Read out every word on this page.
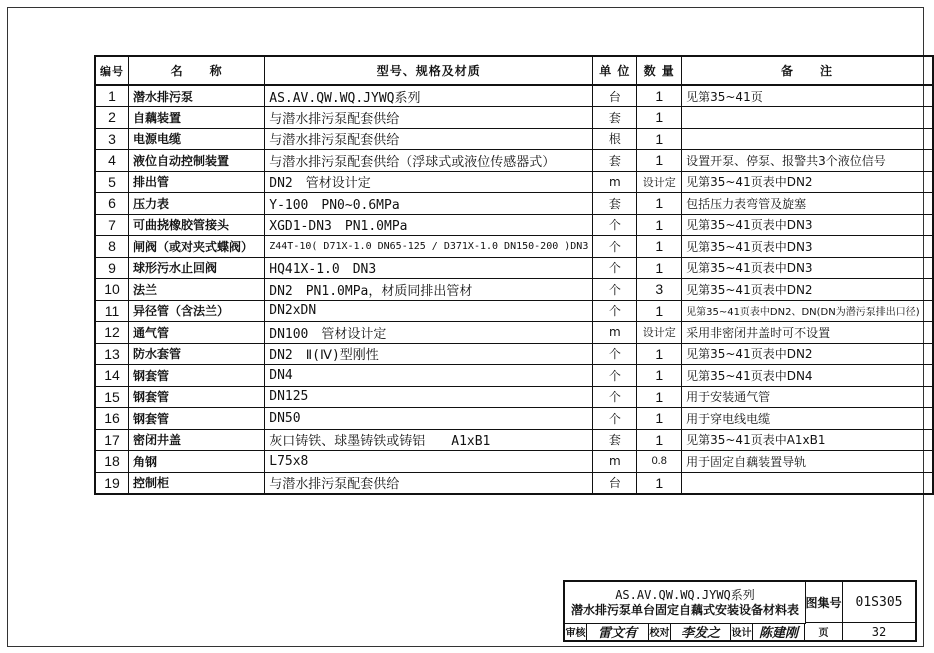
编号	名　　称	型号、规格及材质	单 位	数 量	备　　注
1	潜水排污泵	AS.AV.QW.WQ.JYWQ系列	台	1	见第35~41页
2	自藕装置	与潜水排污泵配套供给	套	1	
3	电源电缆	与潜水排污泵配套供给	根	1	
4	液位自动控制装置	与潜水排污泵配套供给（浮球式或液位传感器式）	套	1	设置开泵、停泵、报警共3个液位信号
5	排出管	DN2　管材设计定	m	设计定	见第35~41页表中DN2
6	压力表	Y-100　PN0~0.6MPa	套	1	包括压力表弯管及旋塞
7	可曲挠橡胶管接头	XGD1-DN3　PN1.0MPa	个	1	见第35~41页表中DN3
8	闸阀（或对夹式蝶阀）	Z44T-10( D71X-1.0 DN65-125 / D371X-1.0 DN150-200 )DN3	个	1	见第35~41页表中DN3
9	球形污水止回阀	HQ41X-1.0　DN3	个	1	见第35~41页表中DN3
10	法兰	DN2　PN1.0MPa，材质同排出管材	个	3	见第35~41页表中DN2
11	异径管（含法兰）	DN2xDN	个	1	见第35~41页表中DN2、DN(DN为潜污泵排出口径)
12	通气管	DN100　管材设计定	m	设计定	采用非密闭井盖时可不设置
13	防水套管	DN2　Ⅱ(Ⅳ)型刚性	个	1	见第35~41页表中DN2
14	钢套管	DN4	个	1	见第35~41页表中DN4
15	钢套管	DN125	个	1	用于安装通气管
16	钢套管	DN50	个	1	用于穿电线电缆
17	密闭井盖	灰口铸铁、球墨铸铁或铸铝　　A1xB1	套	1	见第35~41页表中A1xB1
18	角钢	L75x8	m	0.8	用于固定自藕装置导轨
19	控制柜	与潜水排污泵配套供给	台	1	
AS.AV.QW.WQ.JYWQ系列
潜水排污泵单台固定自藕式安装设备材料表 图集号	01S305
审核 雷文有	校对 李发之	设计 陈建刚	页	32
